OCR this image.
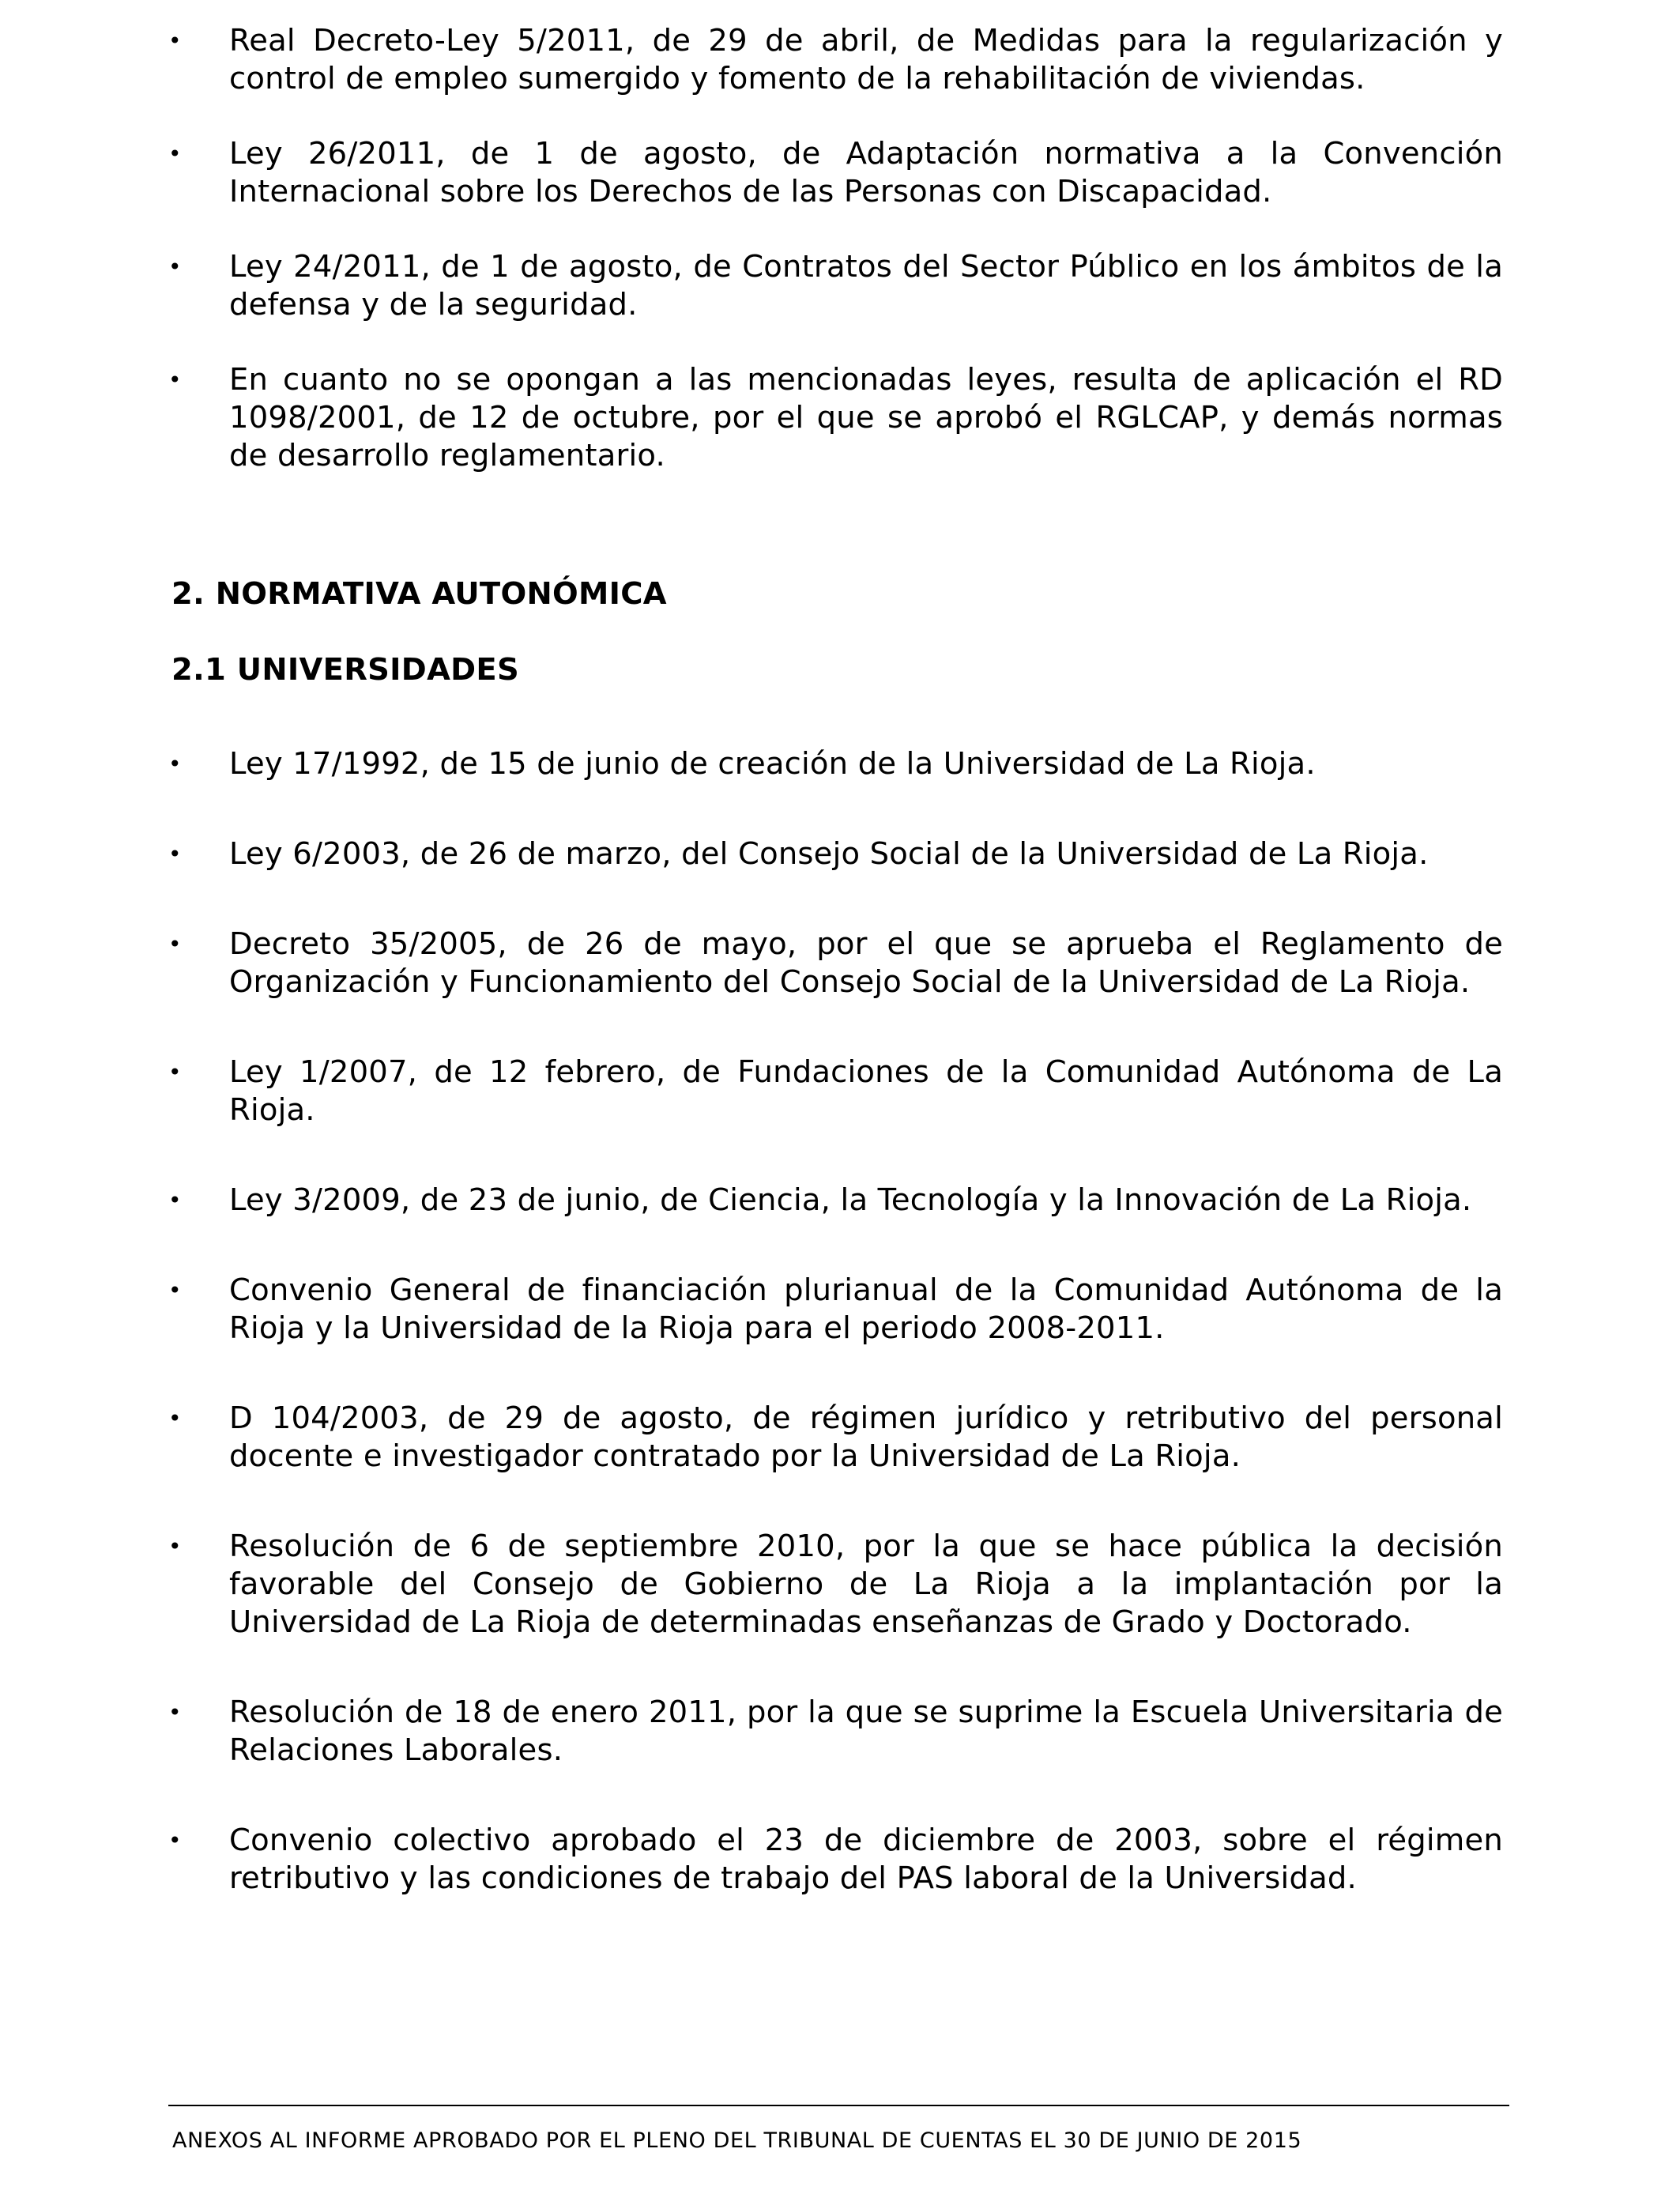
•	Real Decreto-Ley 5/2011, de 29 de abril, de Medidas para la regularización y control de empleo sumergido y fomento de la rehabilitación de viviendas.
•	Ley 26/2011, de 1 de agosto, de Adaptación normativa a la Convención Internacional sobre los Derechos de las Personas con Discapacidad.
•	Ley 24/2011, de 1 de agosto, de Contratos del Sector Público en los ámbitos de la defensa y de la seguridad.
•	En cuanto no se opongan a las mencionadas leyes, resulta de aplicación el RD 1098/2001, de 12 de octubre, por el que se aprobó el RGLCAP, y demás normas de desarrollo reglamentario.
2. NORMATIVA AUTONÓMICA
2.1 UNIVERSIDADES
•	Ley 17/1992, de 15 de junio de creación de la Universidad de La Rioja.
•	Ley 6/2003, de 26 de marzo, del Consejo Social de la Universidad de La Rioja.
•	Decreto 35/2005, de 26 de mayo, por el que se aprueba el Reglamento de Organización y Funcionamiento del Consejo Social de la Universidad de La Rioja.
•	Ley 1/2007, de 12 febrero, de Fundaciones de la Comunidad Autónoma de La Rioja.
•	Ley 3/2009, de 23 de junio, de Ciencia, la Tecnología y la Innovación de La Rioja.
•	Convenio General de financiación plurianual de la Comunidad Autónoma de la Rioja y la Universidad de la Rioja para el periodo 2008-2011.
•	D 104/2003, de 29 de agosto, de régimen jurídico y retributivo del personal docente e investigador contratado por la Universidad de La Rioja.
•	Resolución de 6 de septiembre 2010, por la que se hace pública la decisión favorable del Consejo de Gobierno de La Rioja a la implantación por la Universidad de La Rioja de determinadas enseñanzas de Grado y Doctorado.
•	Resolución de 18 de enero 2011, por la que se suprime la Escuela Universitaria de Relaciones Laborales.
•	Convenio colectivo aprobado el 23 de diciembre de 2003, sobre el régimen retributivo y las condiciones de trabajo del PAS laboral de la Universidad.
ANEXOS AL INFORME APROBADO POR EL PLENO DEL TRIBUNAL DE CUENTAS EL 30 DE JUNIO DE 2015
